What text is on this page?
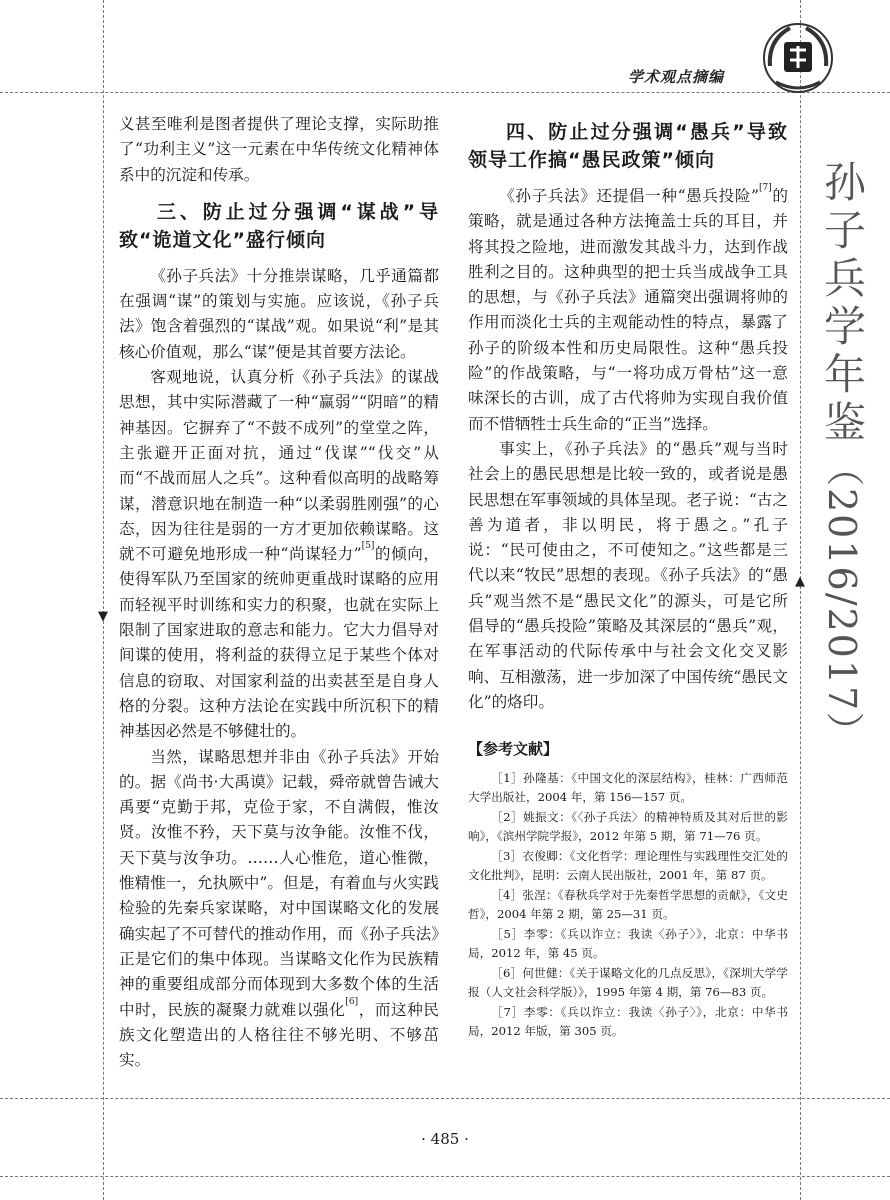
▼
▲
学术观点摘编
孙子兵学年鉴（2016/2017）

义甚至唯利是图者提供了理论支撑，实际助推了“功利主义”这一元素在中华传统文化精神体系中的沉淀和传承。

三、防止过分强调“谋战”导致“诡道文化”盛行倾向

《孙子兵法》十分推崇谋略，几乎通篇都在强调“谋”的策划与实施。应该说，《孙子兵法》饱含着强烈的“谋战”观。如果说“利”是其核心价值观，那么“谋”便是其首要方法论。

客观地说，认真分析《孙子兵法》的谋战思想，其中实际潜藏了一种“赢弱”“阴暗”的精神基因。它摒弃了“不鼓不成列”的堂堂之阵，主张避开正面对抗，通过“伐谋”“伐交”从而“不战而屈人之兵”。这种看似高明的战略筹谋，潜意识地在制造一种“以柔弱胜刚强”的心态，因为往往是弱的一方才更加依赖谋略。这就不可避免地形成一种“尚谋轻力”[5]的倾向，使得军队乃至国家的统帅更重战时谋略的应用而轻视平时训练和实力的积聚，也就在实际上限制了国家进取的意志和能力。它大力倡导对间谍的使用，将利益的获得立足于某些个体对信息的窃取、对国家利益的出卖甚至是自身人格的分裂。这种方法论在实践中所沉积下的精神基因必然是不够健壮的。

当然，谋略思想并非由《孙子兵法》开始的。据《尚书·大禹谟》记载，舜帝就曾告诫大禹要“克勤于邦，克俭于家，不自满假，惟汝贤。汝惟不矜，天下莫与汝争能。汝惟不伐，天下莫与汝争功。……人心惟危，道心惟微，惟精惟一，允执厥中”。但是，有着血与火实践检验的先秦兵家谋略，对中国谋略文化的发展确实起了不可替代的推动作用，而《孙子兵法》正是它们的集中体现。当谋略文化作为民族精神的重要组成部分而体现到大多数个体的生活中时，民族的凝聚力就难以强化[6]，而这种民族文化塑造出的人格往往不够光明、不够茁实。

四、防止过分强调“愚兵”导致领导工作搞“愚民政策”倾向

《孙子兵法》还提倡一种“愚兵投险”[7]的策略，就是通过各种方法掩盖士兵的耳目，并将其投之险地，进而激发其战斗力，达到作战胜利之目的。这种典型的把士兵当成战争工具的思想，与《孙子兵法》通篇突出强调将帅的作用而淡化士兵的主观能动性的特点，暴露了孙子的阶级本性和历史局限性。这种“愚兵投险”的作战策略，与“一将功成万骨枯”这一意味深长的古训，成了古代将帅为实现自我价值而不惜牺牲士兵生命的“正当”选择。

事实上，《孙子兵法》的“愚兵”观与当时社会上的愚民思想是比较一致的，或者说是愚民思想在军事领域的具体呈现。老子说：“古之善为道者，非以明民，将于愚之。”孔子说：“民可使由之，不可使知之。”这些都是三代以来“牧民”思想的表现。《孙子兵法》的“愚兵”观当然不是“愚民文化”的源头，可是它所倡导的“愚兵投险”策略及其深层的“愚兵”观，在军事活动的代际传承中与社会文化交叉影响、互相激荡，进一步加深了中国传统“愚民文化”的烙印。

【参考文献】

［1］孙隆基：《中国文化的深层结构》，桂林：广西师范大学出版社，2004 年，第 156—157 页。

［2］姚振文：《〈孙子兵法〉的精神特质及其对后世的影响》，《滨州学院学报》，2012 年第 5 期，第 71—76 页。

［3］衣俊卿：《文化哲学：理论理性与实践理性交汇处的文化批判》，昆明：云南人民出版社，2001 年，第 87 页。

［4］张涅：《春秋兵学对于先秦哲学思想的贡献》，《文史哲》，2004 年第 2 期，第 25—31 页。

［5］李零：《兵以诈立：我读〈孙子〉》，北京：中华书局，2012 年，第 45 页。

［6］何世健：《关于谋略文化的几点反思》，《深圳大学学报（人文社会科学版）》，1995 年第 4 期，第 76—83 页。

［7］李零：《兵以诈立：我读〈孙子〉》，北京：中华书局，2012 年版，第 305 页。

· 485 ·
